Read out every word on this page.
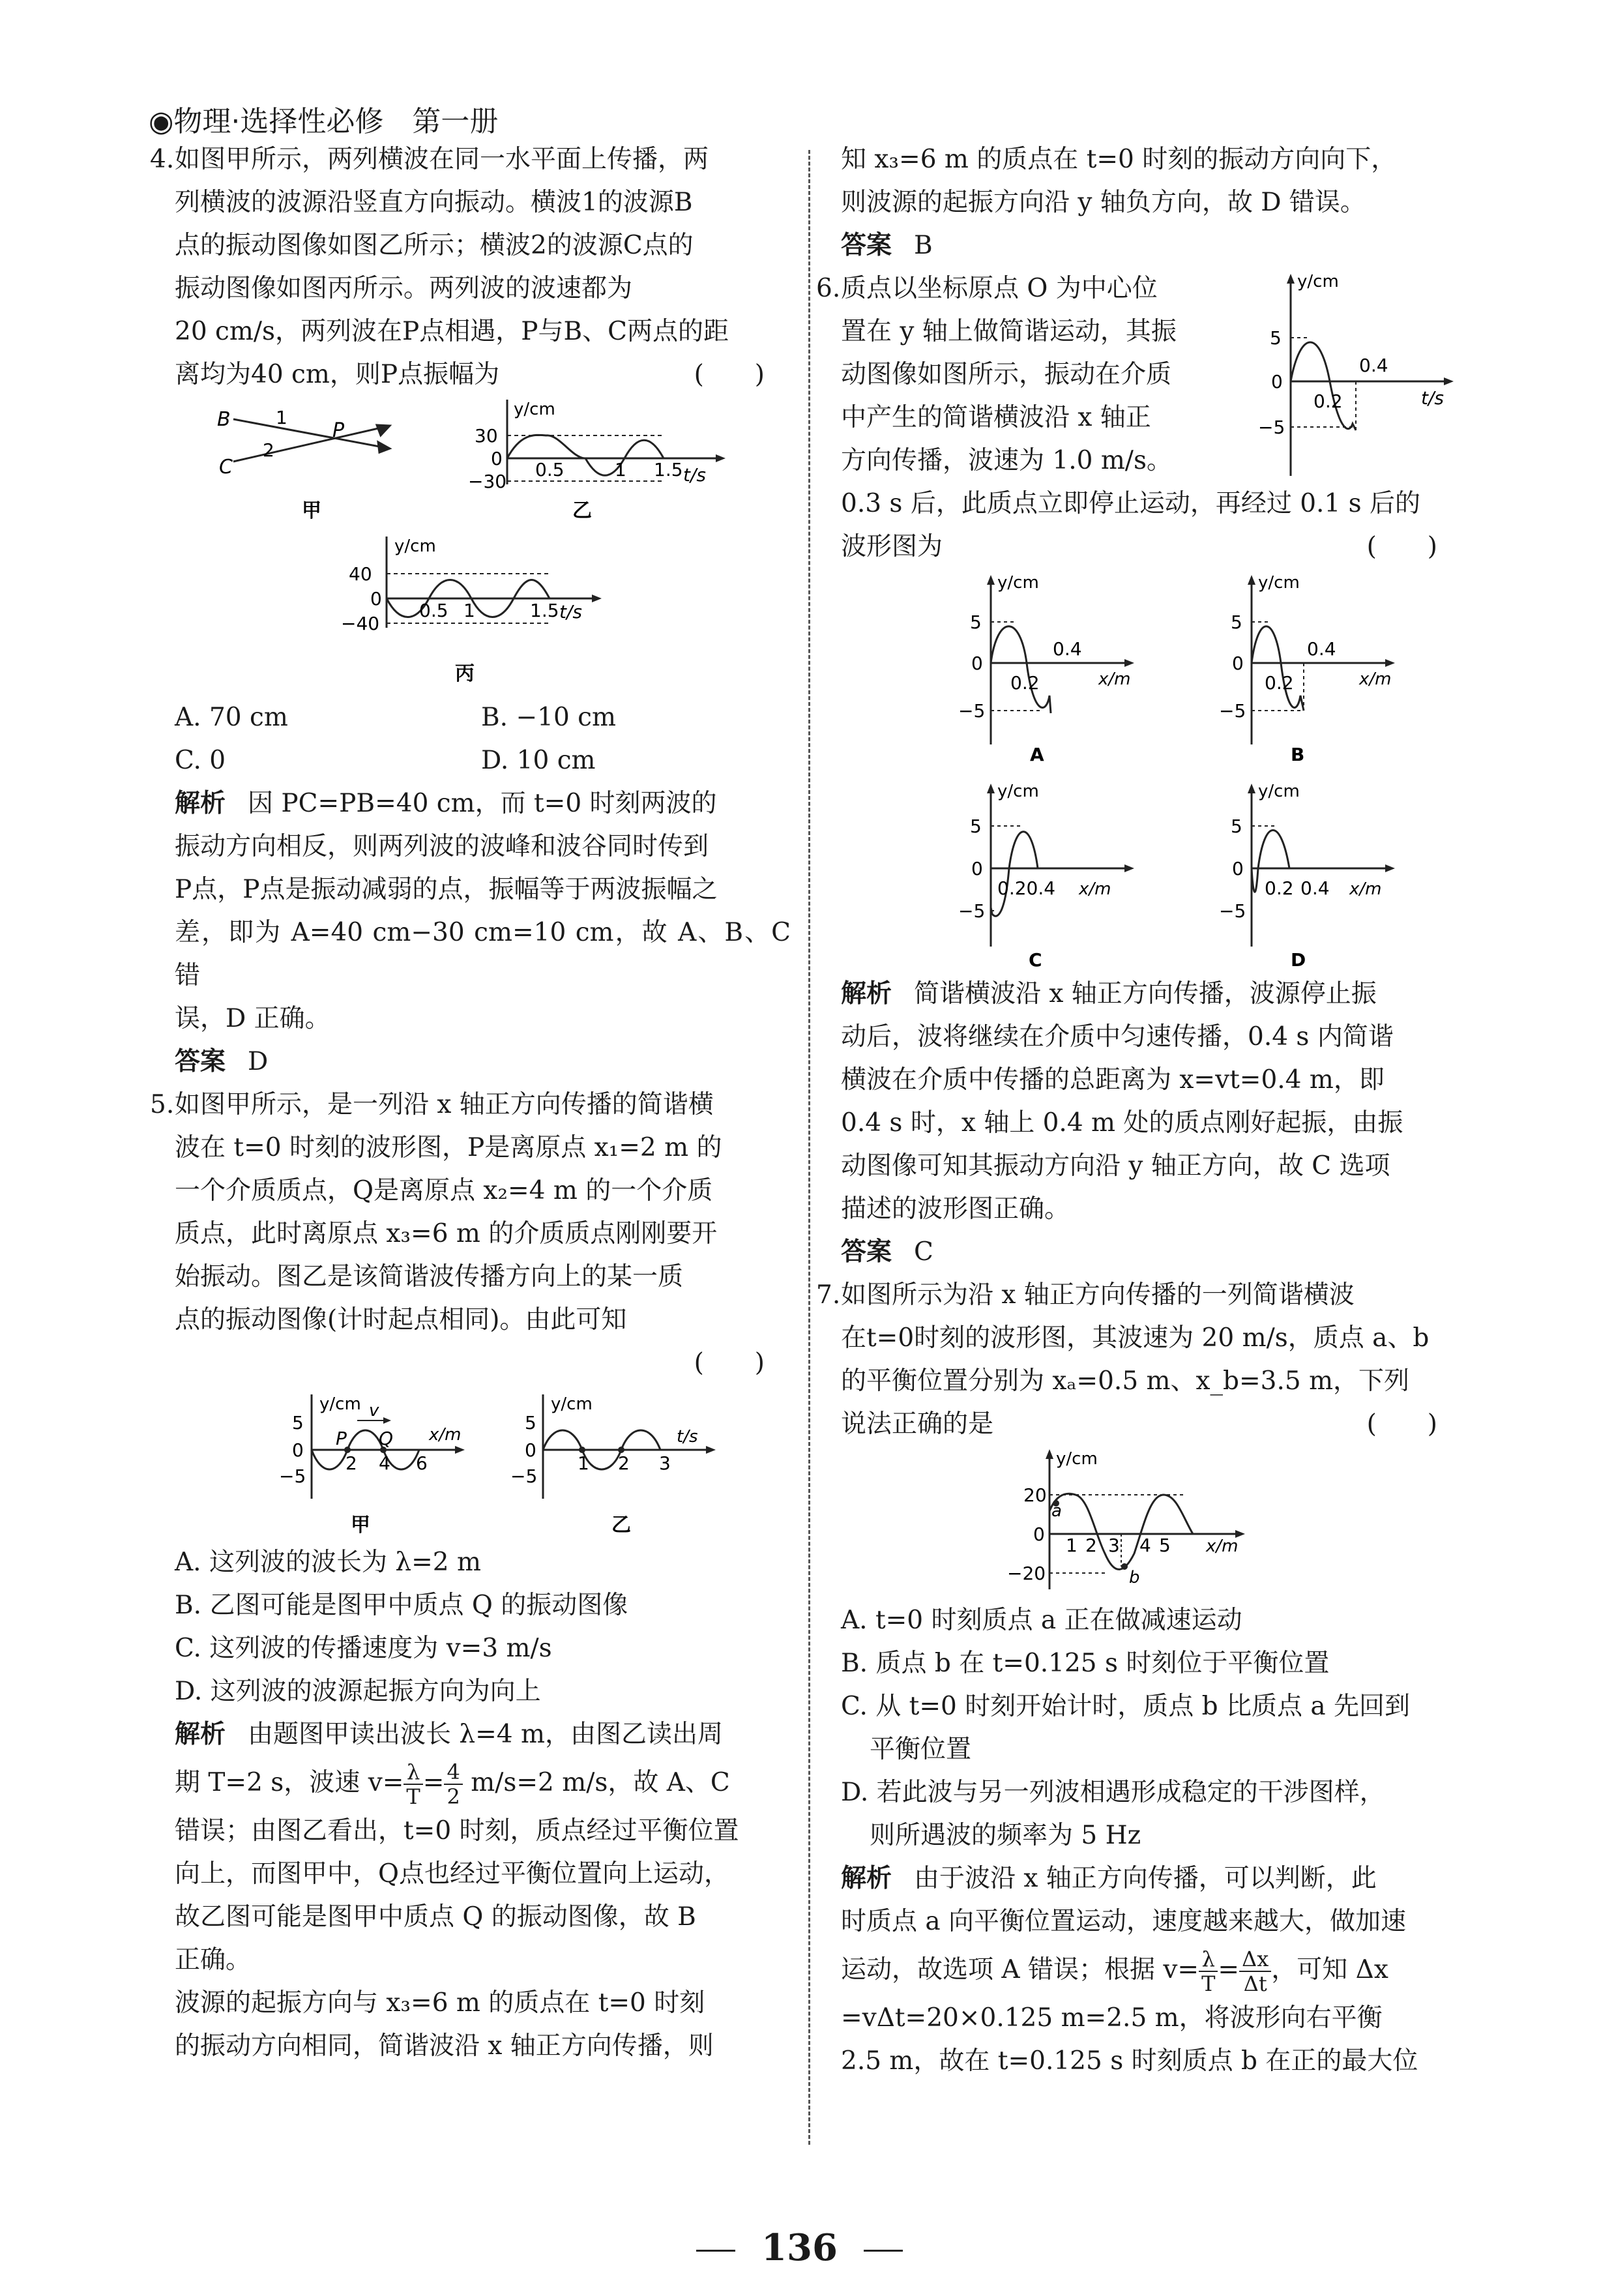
◉物理·选择性必修　第一册
4. 如图甲所示，两列横波在同一水平面上传播，两

列横波的波源沿竖直方向振动。横波1的波源B

点的振动图像如图乙所示；横波2的波源C点的

振动图像如图丙所示。两列波的波速都为

20 cm/s，两列波在P点相遇，P与B、C两点的距

离均为40 cm，则P点振幅为	(　　)

B
C
P
1
2
甲
y/cm
30
0
−30
0.5	1 1.5 t/s
乙
y/cm
40
0
−40
0.5 1	1.5 t/s
丙
A. 70 cm	B. −10 cm
C. 0	D. 10 cm

解析 因 PC=PB=40 cm，而 t=0 时刻两波的

振动方向相反，则两列波的波峰和波谷同时传到

P点，P点是振动减弱的点，振幅等于两波振幅之

差，即为 A=40 cm−30 cm=10 cm，故 A、B、C 错

误，D 正确。

答案 D

5. 如图甲所示，是一列沿 x 轴正方向传播的简谐横

波在 t=0 时刻的波形图，P是离原点 x₁=2 m 的

一个介质质点，Q是离原点 x₂=4 m 的一个介质

质点，此时离原点 x₃=6 m 的介质质点刚刚要开

始振动。图乙是该简谐波传播方向上的某一质

点的振动图像(计时起点相同)。由此可知

(　　)

y/cm
5
0
−5
v
P Q
2 4 6
x/m
甲
y/cm
5
0
−5
1 2 3
t/s
乙

A. 这列波的波长为 λ=2 m

B. 乙图可能是图甲中质点 Q 的振动图像

C. 这列波的传播速度为 v=3 m/s

D. 这列波的波源起振方向为向上

解析 由题图甲读出波长 λ=4 m，由图乙读出周

期 T=2 s，波速 $v= \frac{\lambda}{T} = \frac{4}{2} m/s=2$ m/s，故 A、C

错误；由图乙看出，t=0 时刻，质点经过平衡位置

向上，而图甲中，Q点也经过平衡位置向上运动，

故乙图可能是图甲中质点 Q 的振动图像，故 B

正确。

波源的起振方向与 x₃=6 m 的质点在 t=0 时刻

的振动方向相同，简谐波沿 x 轴正方向传播，则

知 x₃=6 m 的质点在 t=0 时刻的振动方向向下，

则波源的起振方向沿 y 轴负方向，故 D 错误。

答案 B

6. 质点以坐标原点 O 为中心位

置在 y 轴上做简谐运动，其振

动图像如图所示，振动在介质

中产生的简谐横波沿 x 轴正

方向传播，波速为 1.0 m/s。

y/cm
5
0
−5
0.2
0.4
t/s

0.3 s 后，此质点立即停止运动，再经过 0.1 s 后的

波形图为	(　　)

y/cm
5
0
−5
0.2
0.4
x/m
A
y/cm
5
0
−5
0.2
0.4
x/m
B
y/cm
5
0
−5
0.20.4 x/m
C
y/cm
5
0
−5
0.2 0.4 x/m
D

解析 简谐横波沿 x 轴正方向传播，波源停止振

动后，波将继续在介质中匀速传播，0.4 s 内简谐

横波在介质中传播的总距离为 x=vt=0.4 m，即

0.4 s 时，x 轴上 0.4 m 处的质点刚好起振，由振

动图像可知其振动方向沿 y 轴正方向，故 C 选项

描述的波形图正确。

答案 C

7. 如图所示为沿 x 轴正方向传播的一列简谐横波

在t=0时刻的波形图，其波速为 20 m/s，质点 a、b

的平衡位置分别为 xₐ=0.5 m、x_b=3.5 m，下列

说法正确的是	(　　)

y/cm
20
0
−20
a
b
1 2 3 4 5 x/m

A. t=0 时刻质点 a 正在做减速运动

B. 质点 b 在 t=0.125 s 时刻位于平衡位置

C. 从 t=0 时刻开始计时，质点 b 比质点 a 先回到

平衡位置

D. 若此波与另一列波相遇形成稳定的干涉图样，

则所遇波的频率为 5 Hz

解析 由于波沿 x 轴正方向传播，可以判断，此

时质点 a 向平衡位置运动，速度越来越大，做加速

运动，故选项 A 错误；根据 $v= \frac{\lambda}{T} = \frac{\Delta x}{\Delta t}$ ，可知 Δx

=vΔt=20×0.125 m=2.5 m，将波形向右平衡

2.5 m，故在 t=0.125 s 时刻质点 b 在正的最大位

136
